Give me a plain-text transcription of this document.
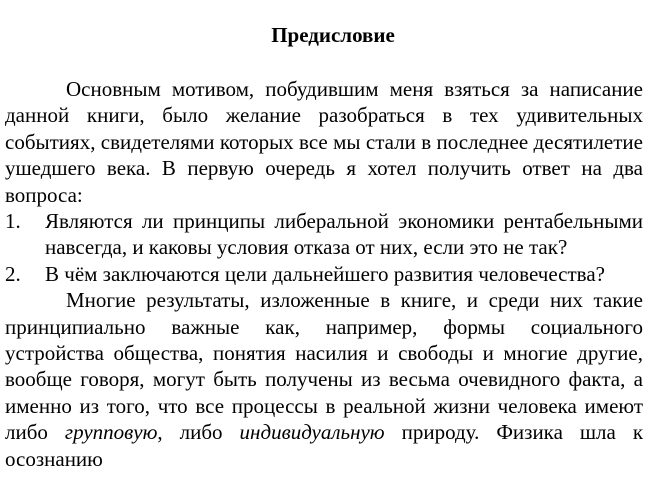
Предисловие

Основным мотивом, побудившим меня взяться за написание данной книги, было желание разобраться в тех удивительных событиях, свидетелями которых все мы стали в последнее десятилетие ушедшего века. В первую очередь я хотел получить ответ на два вопроса:

1. Являются ли принципы либеральной экономики рентабельными навсегда, и каковы условия отказа от них, если это не так?
2. В чём заключаются цели дальнейшего развития человечества?

Многие результаты, изложенные в книге, и среди них такие принципиально важные как, например, формы социального устройства общества, понятия насилия и свободы и многие другие, вообще говоря, могут быть получены из весьма очевидного факта, а именно из того, что все процессы в реальной жизни человека имеют либо групповую, либо индивидуальную природу. Физика шла к осознанию
